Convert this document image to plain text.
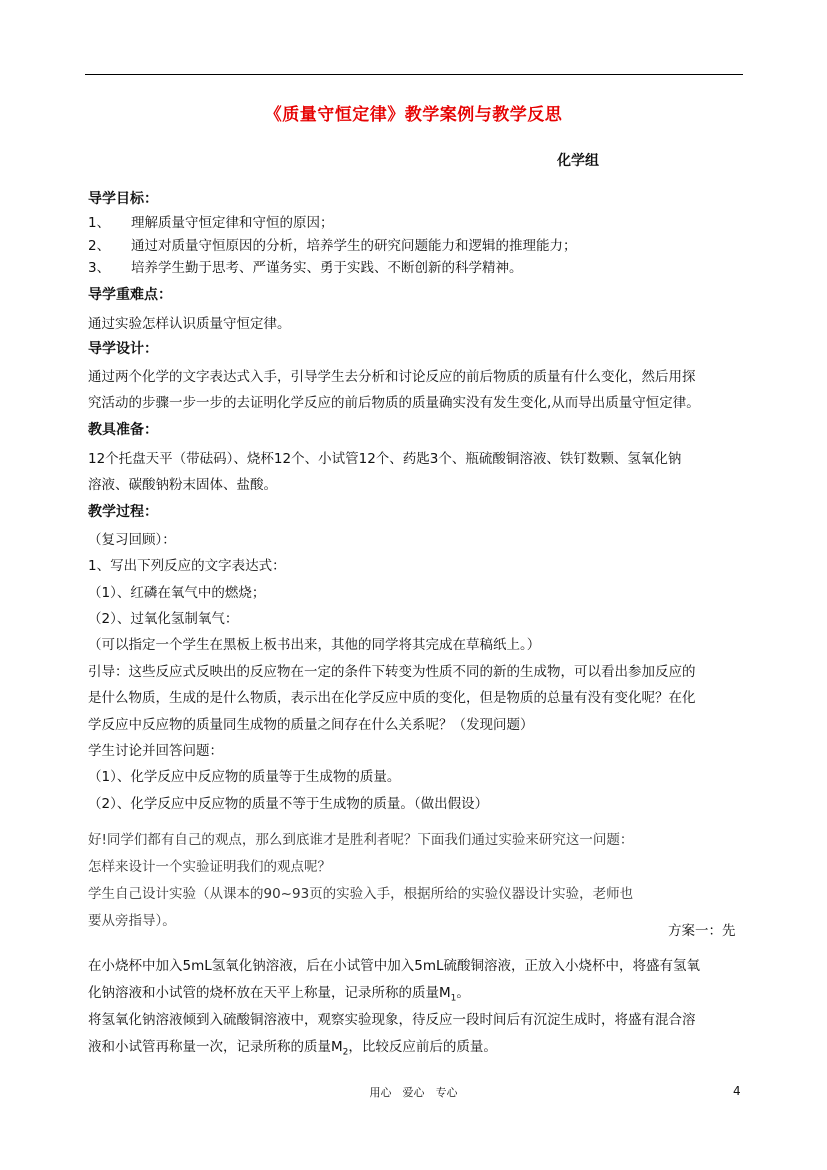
《质量守恒定律》教学案例与教学反思
化学组
导学目标：
1、 理解质量守恒定律和守恒的原因；
2、 通过对质量守恒原因的分析，培养学生的研究问题能力和逻辑的推理能力；
3、 培养学生勤于思考、严谨务实、勇于实践、不断创新的科学精神。
导学重难点：
通过实验怎样认识质量守恒定律。
导学设计：
通过两个化学的文字表达式入手，引导学生去分析和讨论反应的前后物质的质量有什么变化，然后用探
究活动的步骤一步一步的去证明化学反应的前后物质的质量确实没有发生变化,从而导出质量守恒定律。
教具准备：
12个托盘天平（带砝码）、烧杯12个、小试管12个、药匙3个、瓶硫酸铜溶液、铁钉数颗、氢氧化钠
溶液、碳酸钠粉末固体、盐酸。
教学过程：
（复习回顾）：
1、写出下列反应的文字表达式：
（1）、红磷在氧气中的燃烧；
（2）、过氧化氢制氧气：
（可以指定一个学生在黑板上板书出来，其他的同学将其完成在草稿纸上。）
引导：这些反应式反映出的反应物在一定的条件下转变为性质不同的新的生成物，可以看出参加反应的
是什么物质，生成的是什么物质，表示出在化学反应中质的变化，但是物质的总量有没有变化呢？在化
学反应中反应物的质量同生成物的质量之间存在什么关系呢？（发现问题）
学生讨论并回答问题：
（1）、化学反应中反应物的质量等于生成物的质量。
（2）、化学反应中反应物的质量不等于生成物的质量。（做出假设）
好!同学们都有自己的观点，那么到底谁才是胜利者呢？下面我们通过实验来研究这一问题：
怎样来设计一个实验证明我们的观点呢？
学生自己设计实验（从课本的90~93页的实验入手，根据所给的实验仪器设计实验，老师也
要从旁指导）。
方案一：先
在小烧杯中加入5mL氢氧化钠溶液，后在小试管中加入5mL硫酸铜溶液，正放入小烧杯中，将盛有氢氧
化钠溶液和小试管的烧杯放在天平上称量，记录所称的质量$M_1$。
将氢氧化钠溶液倾到入硫酸铜溶液中，观察实验现象，待反应一段时间后有沉淀生成时，将盛有混合溶
液和小试管再称量一次，记录所称的质量$M_2$，比较反应前后的质量。
用心　爱心　专心	4
